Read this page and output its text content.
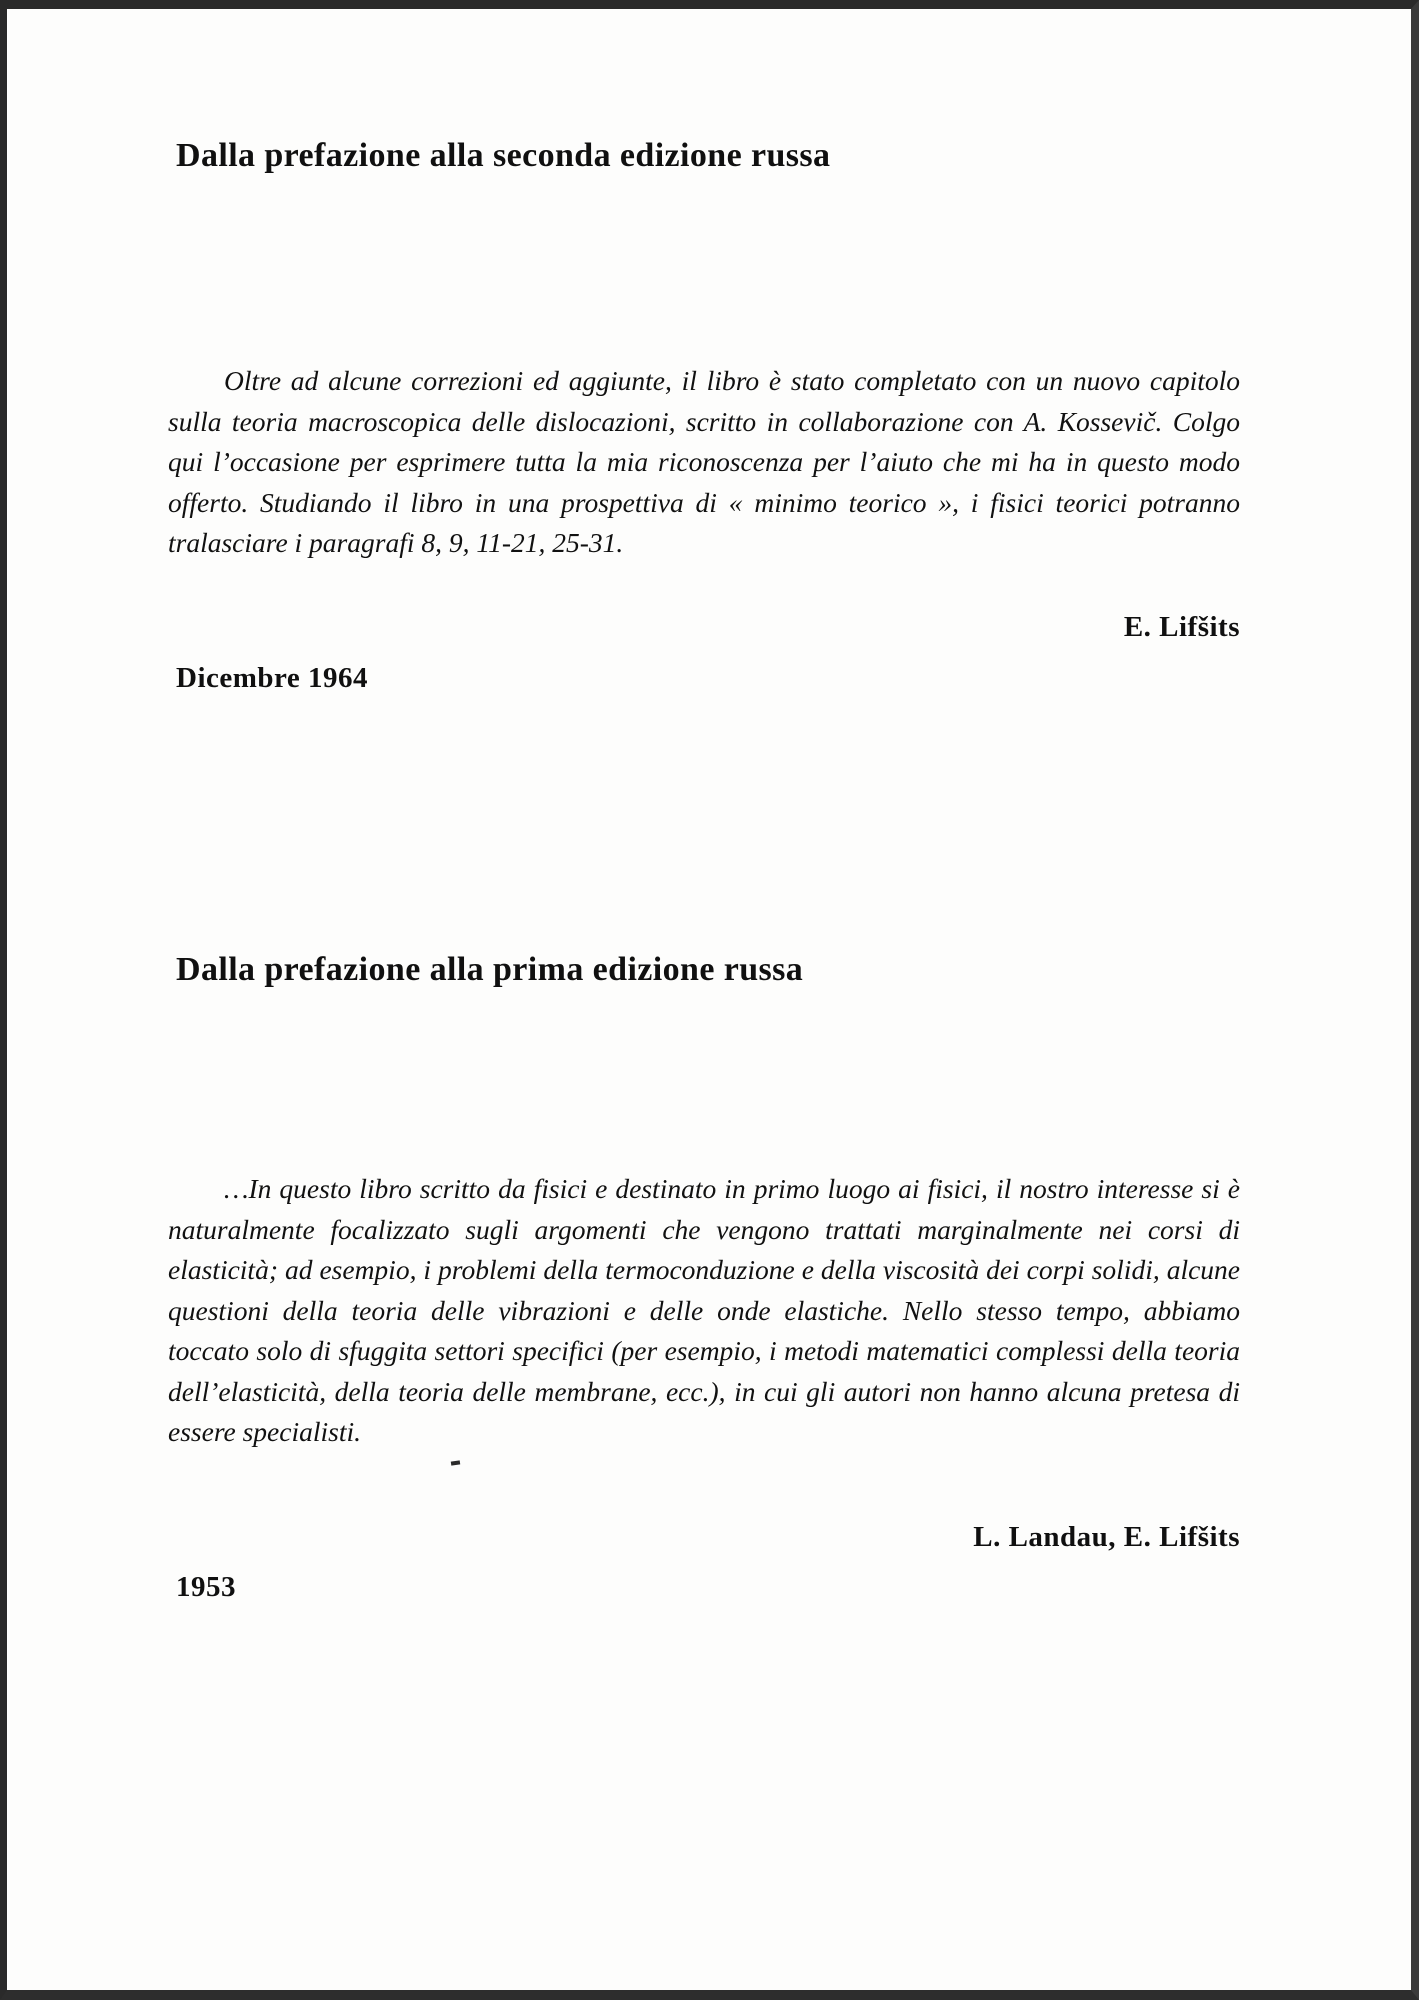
Dalla prefazione alla seconda edizione russa
Oltre ad alcune correzioni ed aggiunte, il libro è stato completato con un nuovo capitolo sulla teoria macroscopica delle dislocazioni, scritto in collaborazione con A. Kossevič. Colgo qui l’occasione per esprimere tutta la mia riconoscenza per l’aiuto che mi ha in questo modo offerto. Studiando il libro in una prospettiva di « minimo teorico », i fisici teorici potranno tralasciare i paragrafi 8, 9, 11-21, 25-31.
E. Lifšits
Dicembre 1964
Dalla prefazione alla prima edizione russa
…In questo libro scritto da fisici e destinato in primo luogo ai fisici, il nostro interesse si è naturalmente focalizzato sugli argomenti che vengono trattati marginalmente nei corsi di elasticità; ad esempio, i problemi della termoconduzione e della viscosità dei corpi solidi, alcune questioni della teoria delle vibrazioni e delle onde elastiche. Nello stesso tempo, abbiamo toccato solo di sfuggita settori specifici (per esempio, i metodi matematici complessi della teoria dell’elasticità, della teoria delle membrane, ecc.), in cui gli autori non hanno alcuna pretesa di essere specialisti.
L. Landau, E. Lifšits
1953
